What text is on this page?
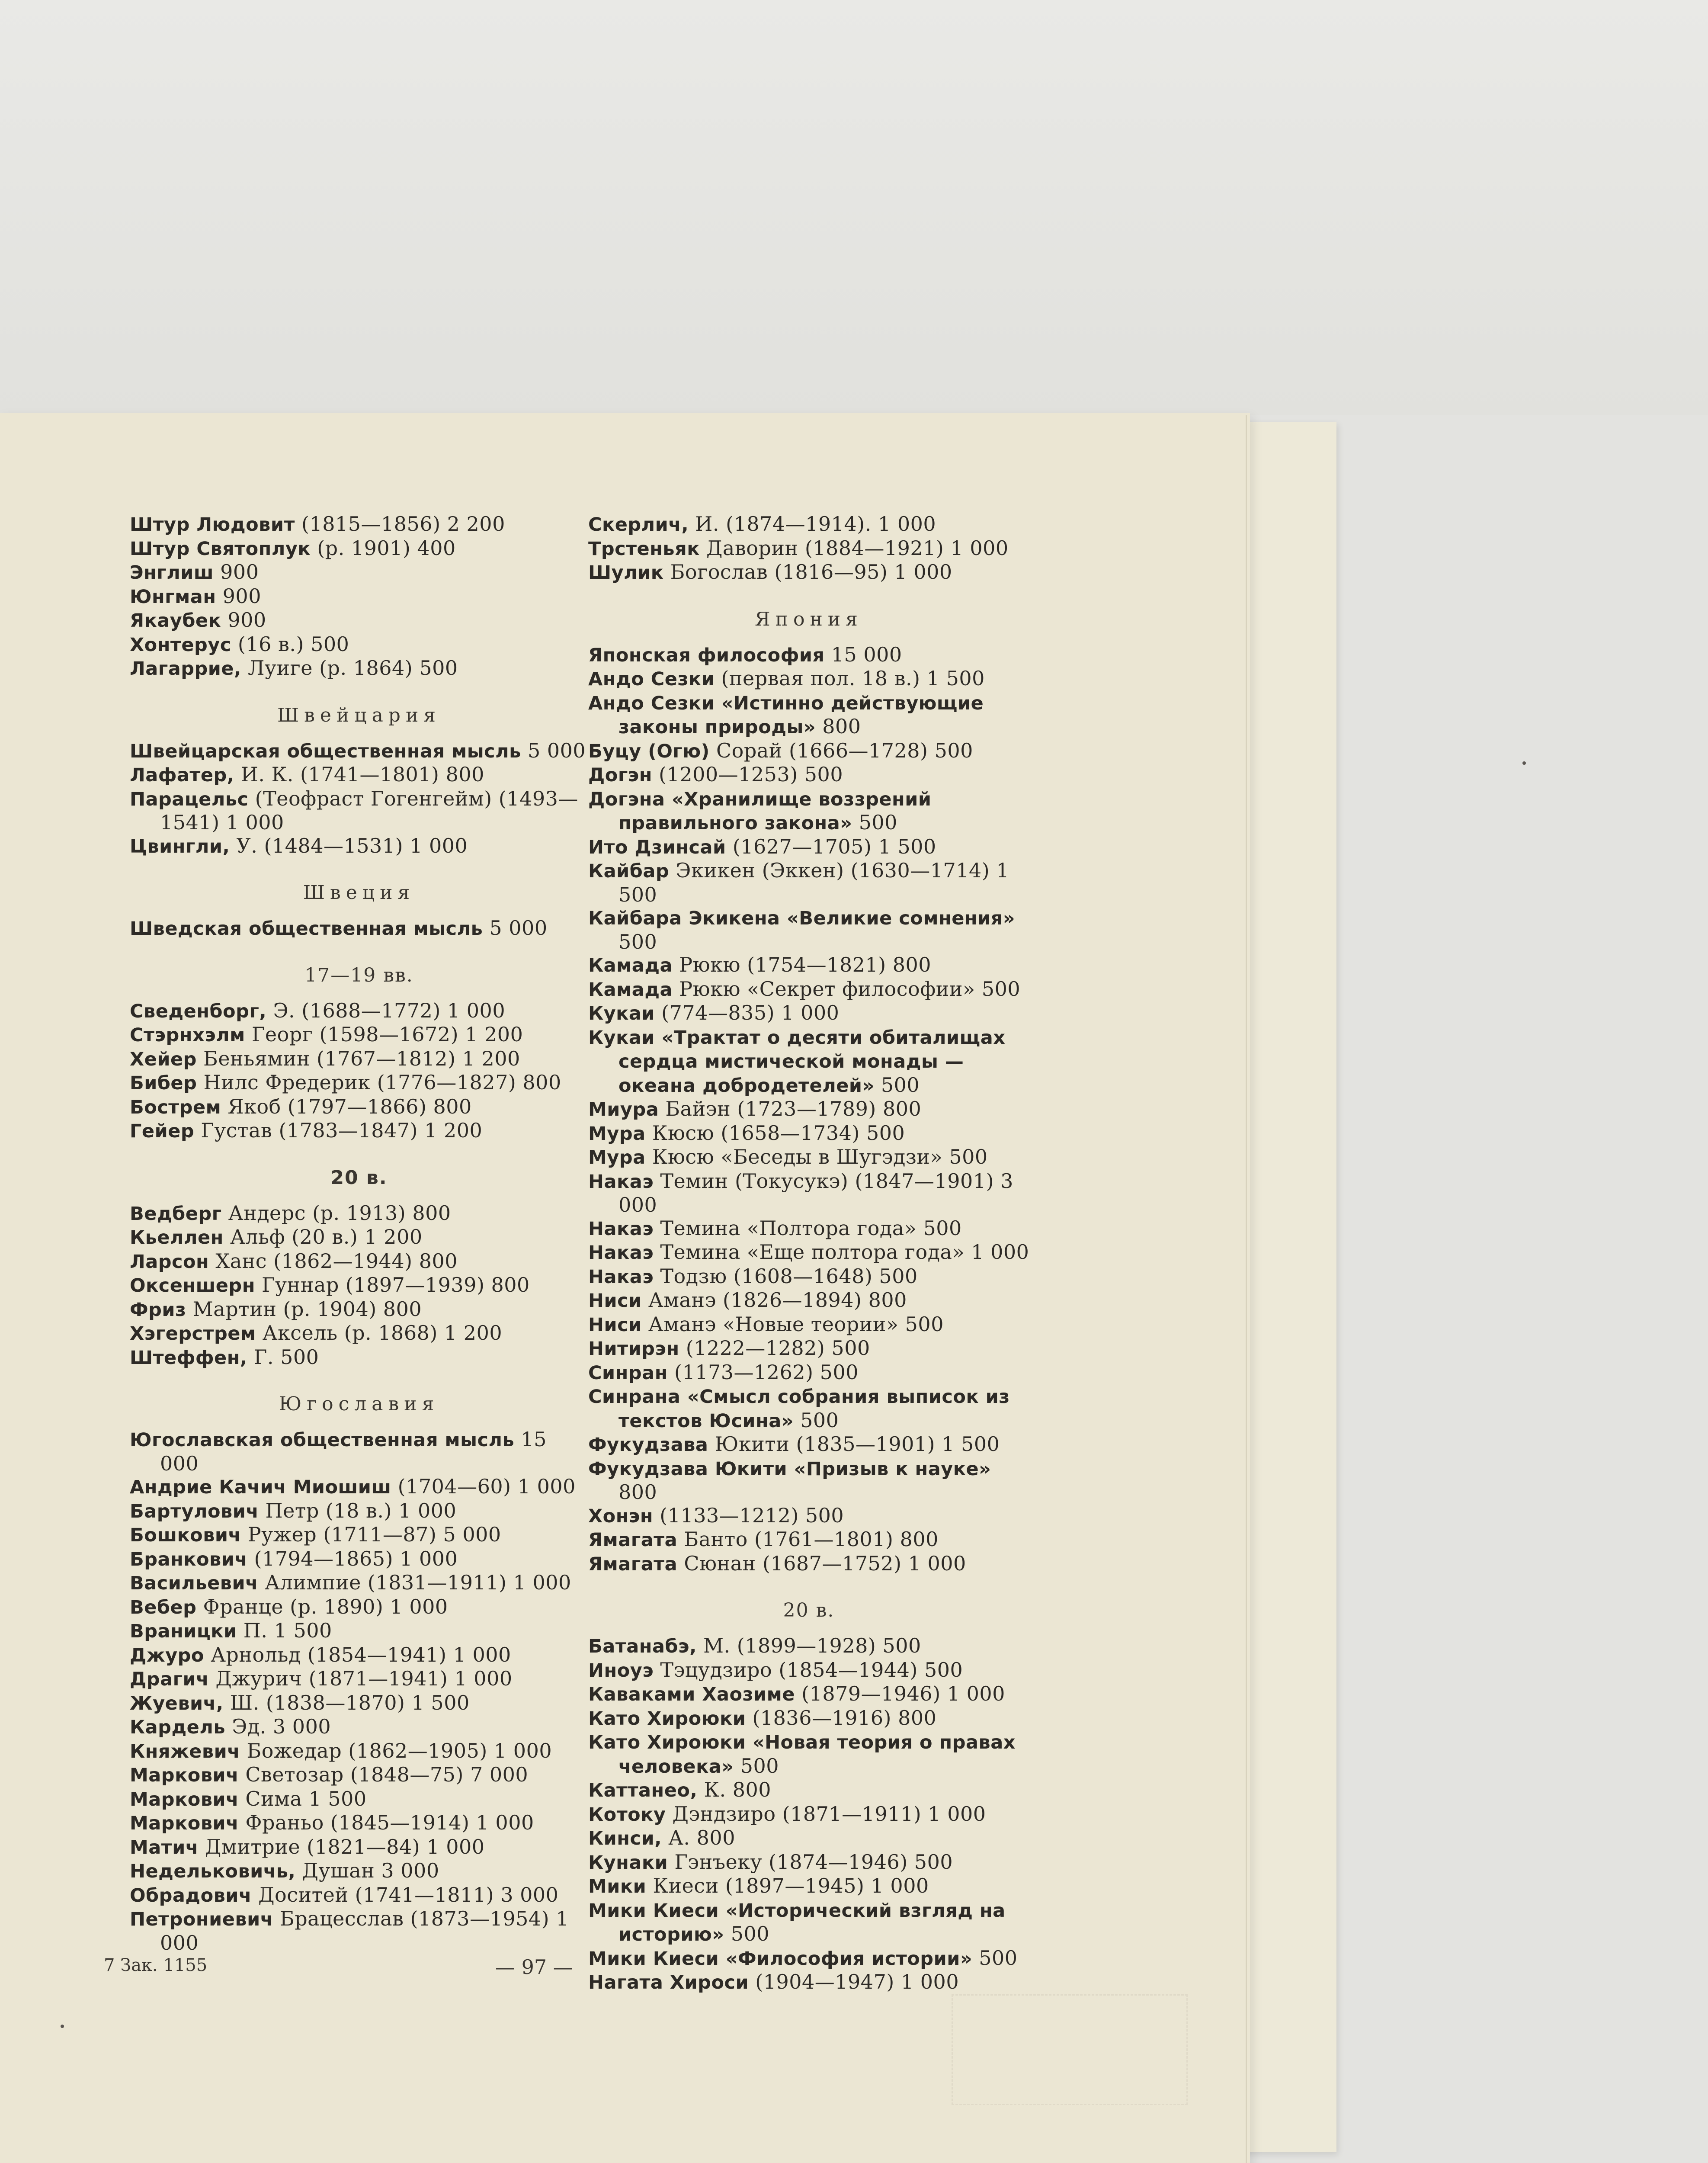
Штур Людовит (1815—1856) 2 200
Штур Святоплук (р. 1901) 400
Энглиш 900
Юнгман 900
Якаубек 900
Хонтерус (16 в.) 500
Лагаррие, Луиге (р. 1864) 500
Швейцария
Швейцарская общественная мысль 5 000
Лафатер, И. К. (1741—1801) 800
Парацельс (Теофраст Гогенгейм) (1493—1541) 1 000
Цвингли, У. (1484—1531) 1 000
Швеция
Шведская общественная мысль 5 000
17—19 вв.
Сведенборг, Э. (1688—1772) 1 000
Стэрнхэлм Георг (1598—1672) 1 200
Хейер Беньямин (1767—1812) 1 200
Бибер Нилс Фредерик (1776—1827) 800
Бострем Якоб (1797—1866) 800
Гейер Густав (1783—1847) 1 200
20 в.
Ведберг Андерс (р. 1913) 800
Кьеллен Альф (20 в.) 1 200
Ларсон Ханс (1862—1944) 800
Оксеншерн Гуннар (1897—1939) 800
Фриз Мартин (р. 1904) 800
Хэгерстрем Аксель (р. 1868) 1 200
Штеффен, Г. 500
Югославия
Югославская общественная мысль 15 000
Андрие Качич Миошиш (1704—60) 1 000
Бартулович Петр (18 в.) 1 000
Бошкович Ружер (1711—87) 5 000
Бранкович (1794—1865) 1 000
Васильевич Алимпие (1831—1911) 1 000
Вебер Франце (р. 1890) 1 000
Враницки П. 1 500
Джуро Арнольд (1854—1941) 1 000
Драгич Джурич (1871—1941) 1 000
Жуевич, Ш. (1838—1870) 1 500
Кардель Эд. 3 000
Княжевич Божедар (1862—1905) 1 000
Маркович Светозар (1848—75) 7 000
Маркович Сима 1 500
Маркович Франьо (1845—1914) 1 000
Матич Дмитрие (1821—84) 1 000
Недельковичь, Душан 3 000
Обрадович Доситей (1741—1811) 3 000
Петрониевич Брацесслав (1873—1954) 1 000
Скерлич, И. (1874—1914). 1 000
Трстеньяк Даворин (1884—1921) 1 000
Шулик Богослав (1816—95) 1 000
Япония
Японская философия 15 000
Андо Сезки (первая пол. 18 в.) 1 500
Андо Сезки «Истинно действующие законы природы» 800
Буцу (Огю) Сорай (1666—1728) 500
Догэн (1200—1253) 500
Догэна «Хранилище воззрений правильного закона» 500
Ито Дзинсай (1627—1705) 1 500
Кайбар Экикен (Эккен) (1630—1714) 1 500
Кайбара Экикена «Великие сомнения» 500
Камада Рюкю (1754—1821) 800
Камада Рюкю «Секрет философии» 500
Кукаи (774—835) 1 000
Кукаи «Трактат о десяти обиталищах сердца мистической монады — океана добродетелей» 500
Миура Байэн (1723—1789) 800
Мура Кюсю (1658—1734) 500
Мура Кюсю «Беседы в Шугэдзи» 500
Накаэ Темин (Токусукэ) (1847—1901) 3 000
Накаэ Темина «Полтора года» 500
Накаэ Темина «Еще полтора года» 1 000
Накаэ Тодзю (1608—1648) 500
Ниси Аманэ (1826—1894) 800
Ниси Аманэ «Новые теории» 500
Нитирэн (1222—1282) 500
Синран (1173—1262) 500
Синрана «Смысл собрания выписок из текстов Юсина» 500
Фукудзава Юкити (1835—1901) 1 500
Фукудзава Юкити «Призыв к науке» 800
Хонэн (1133—1212) 500
Ямагата Банто (1761—1801) 800
Ямагата Сюнан (1687—1752) 1 000
20 в.
Батанабэ, М. (1899—1928) 500
Иноуэ Тэцудзиро (1854—1944) 500
Каваками Хаозиме (1879—1946) 1 000
Като Хироюки (1836—1916) 800
Като Хироюки «Новая теория о правах человека» 500
Каттанео, К. 800
Котоку Дэндзиро (1871—1911) 1 000
Кинси, А. 800
Кунаки Гэнъеку (1874—1946) 500
Мики Киеси (1897—1945) 1 000
Мики Киеси «Исторический взгляд на историю» 500
Мики Киеси «Философия истории» 500
Нагата Хироси (1904—1947) 1 000
7 Зак. 1155	— 97 —
